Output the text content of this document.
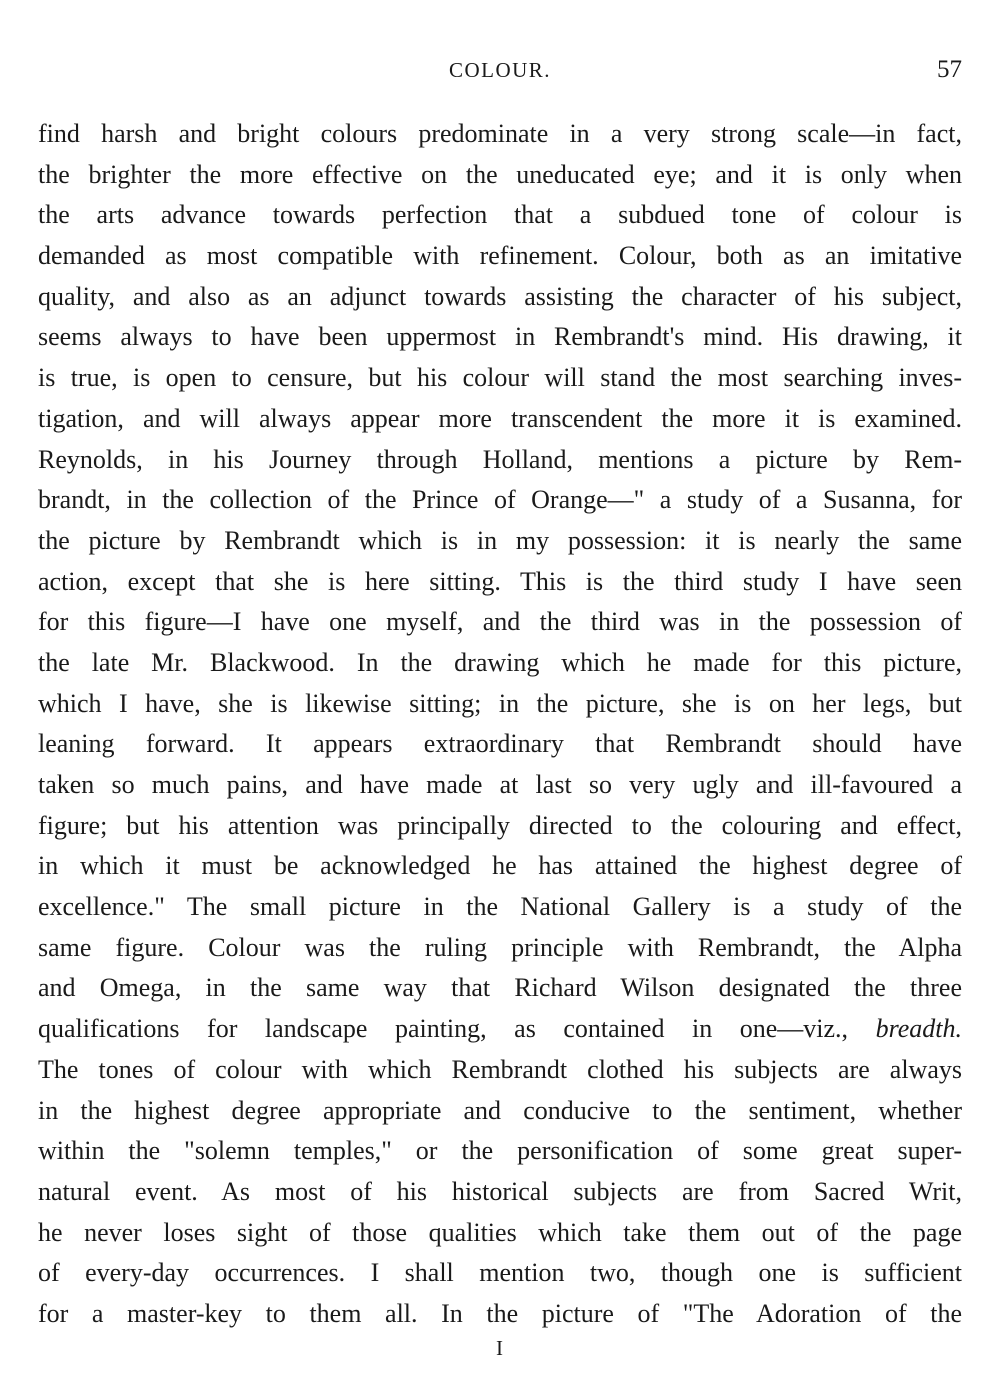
COLOUR.	57
find harsh and bright colours predominate in a very strong scale—in fact,
the brighter the more effective on the uneducated eye; and it is only when
the arts advance towards perfection that a subdued tone of colour is
demanded as most compatible with refinement. Colour, both as an imitative
quality, and also as an adjunct towards assisting the character of his subject,
seems always to have been uppermost in Rembrandt's mind. His drawing, it
is true, is open to censure, but his colour will stand the most searching inves-
tigation, and will always appear more transcendent the more it is examined.
Reynolds, in his Journey through Holland, mentions a picture by Rem-
brandt, in the collection of the Prince of Orange—" a study of a Susanna, for
the picture by Rembrandt which is in my possession: it is nearly the same
action, except that she is here sitting. This is the third study I have seen
for this figure—I have one myself, and the third was in the possession of
the late Mr. Blackwood. In the drawing which he made for this picture,
which I have, she is likewise sitting; in the picture, she is on her legs, but
leaning forward. It appears extraordinary that Rembrandt should have
taken so much pains, and have made at last so very ugly and ill-favoured a
figure; but his attention was principally directed to the colouring and effect,
in which it must be acknowledged he has attained the highest degree of
excellence." The small picture in the National Gallery is a study of the
same figure. Colour was the ruling principle with Rembrandt, the Alpha
and Omega, in the same way that Richard Wilson designated the three
qualifications for landscape painting, as contained in one—viz., breadth.
The tones of colour with which Rembrandt clothed his subjects are always
in the highest degree appropriate and conducive to the sentiment, whether
within the "solemn temples," or the personification of some great super-
natural event. As most of his historical subjects are from Sacred Writ,
he never loses sight of those qualities which take them out of the page
of every-day occurrences. I shall mention two, though one is sufficient
for a master-key to them all. In the picture of "The Adoration of the
I
